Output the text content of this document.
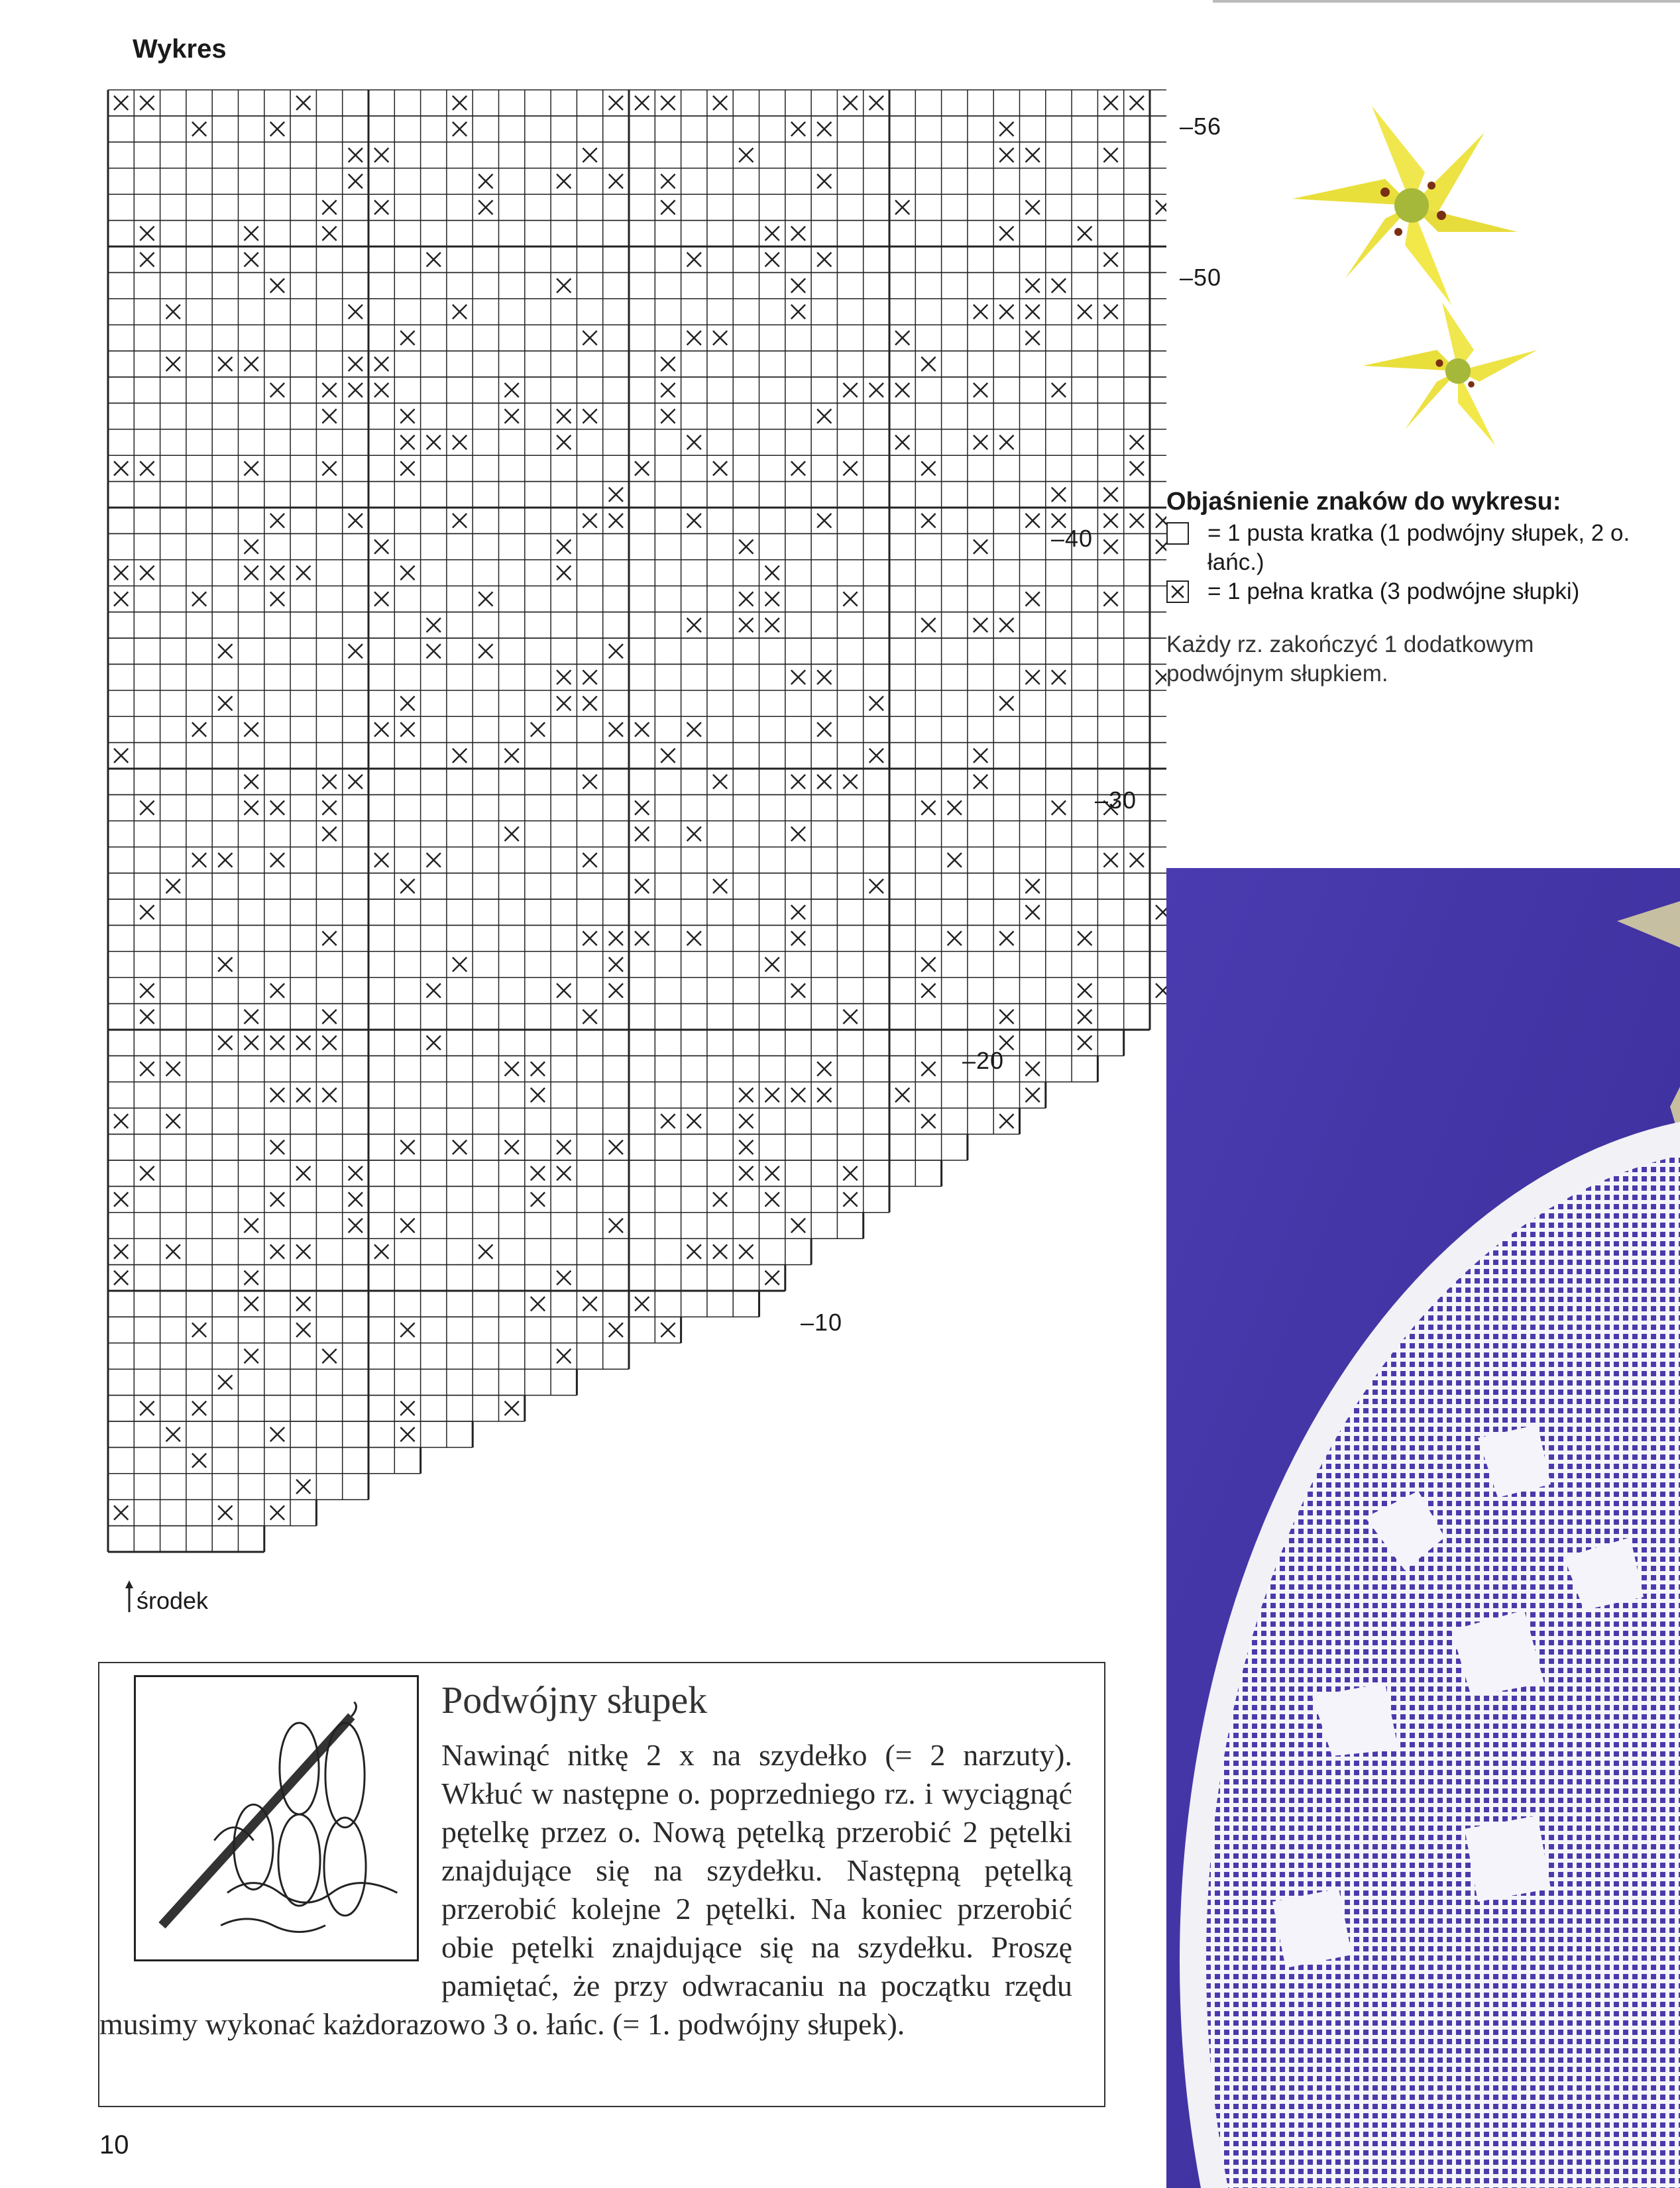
Wykres
–56
–50
–40
–30
–20
–10
środek
Objaśnienie znaków do wykresu:
= 1 pusta kratka (1 podwójny słupek, 2 o. łańc.)
= 1 pełna kratka (3 podwójne słupki)
Każdy rz. zakończyć 1 dodatkowym podwójnym słupkiem.
Podwójny słupek
Nawinąć nitkę 2 x na szydełko (= 2 narzuty). Wkłuć w następne o. poprzedniego rz. i wyciągnąć pętelkę przez o. Nową pętelką przerobić 2 pętelki znajdujące się na szydełku. Następną pętelką przerobić kolejne 2 pętelki. Na koniec przerobić obie pętelki znajdujące się na szydełku. Proszę pamiętać, że przy odwracaniu na początku rzędu musimy wykonać każdorazowo 3 o. łańc. (= 1. podwójny słupek).
10
